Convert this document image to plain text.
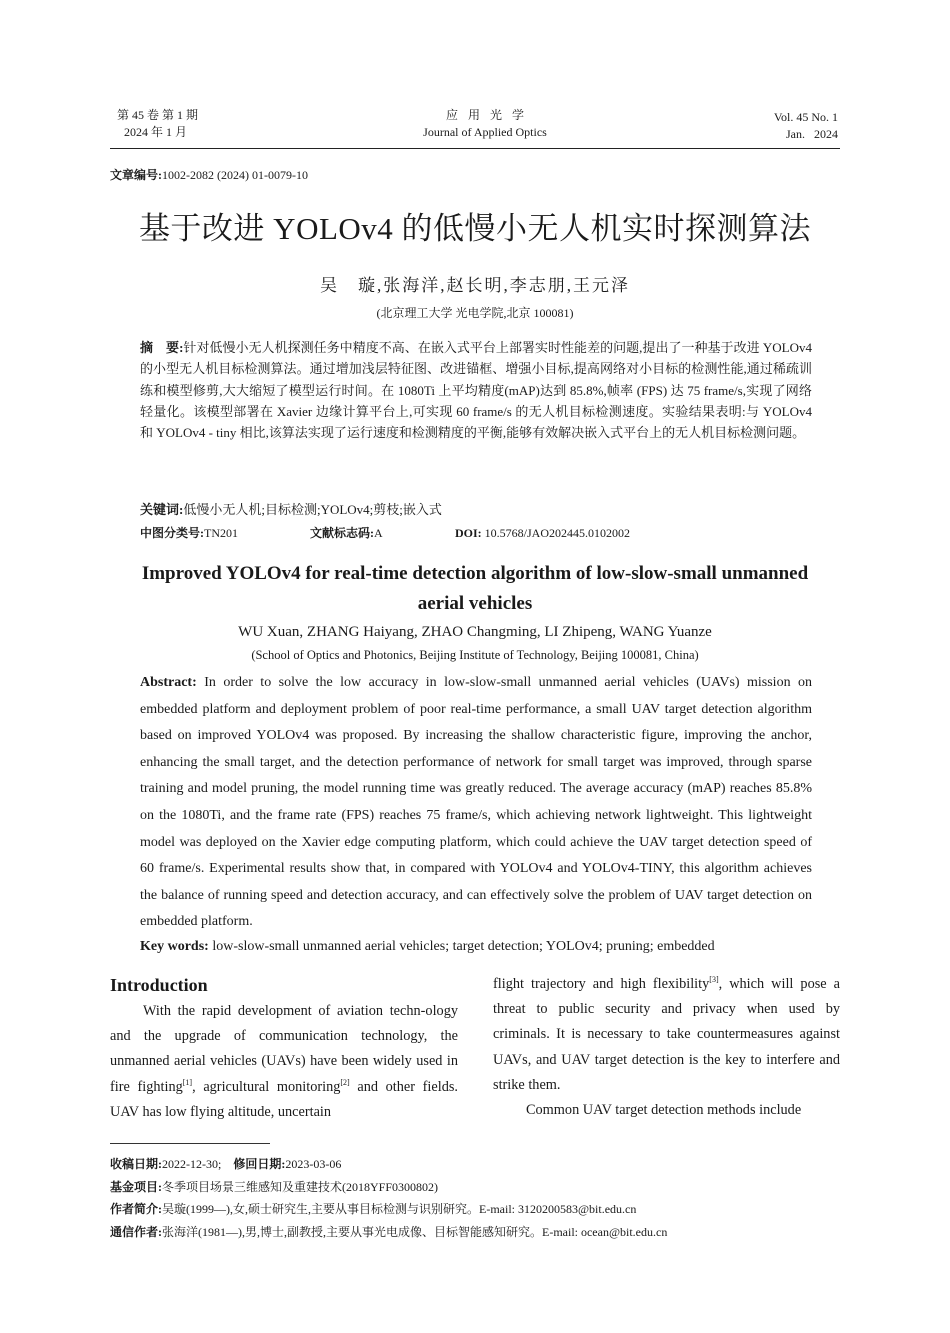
第 45 卷 第 1 期
2024 年 1 月
应用光学
Journal of Applied Optics
Vol. 45 No. 1
Jan.   2024
文章编号:1002-2082 (2024) 01-0079-10
基于改进 YOLOv4 的低慢小无人机实时探测算法
吴　璇,张海洋,赵长明,李志朋,王元泽
(北京理工大学 光电学院,北京 100081)
摘　要:针对低慢小无人机探测任务中精度不高、在嵌入式平台上部署实时性能差的问题,提出了一种基于改进 YOLOv4 的小型无人机目标检测算法。通过增加浅层特征图、改进锚框、增强小目标,提高网络对小目标的检测性能,通过稀疏训练和模型修剪,大大缩短了模型运行时间。在 1080Ti 上平均精度(mAP)达到 85.8%,帧率 (FPS) 达 75 frame/s,实现了网络轻量化。该模型部署在 Xavier 边缘计算平台上,可实现 60 frame/s 的无人机目标检测速度。实验结果表明:与 YOLOv4 和 YOLOv4 - tiny 相比,该算法实现了运行速度和检测精度的平衡,能够有效解决嵌入式平台上的无人机目标检测问题。
关键词:低慢小无人机;目标检测;YOLOv4;剪枝;嵌入式
中图分类号:TN201	文献标志码:A	DOI: 10.5768/JAO202445.0102002
Improved YOLOv4 for real-time detection algorithm of low-slow-small unmanned aerial vehicles
WU Xuan, ZHANG Haiyang, ZHAO Changming, LI Zhipeng, WANG Yuanze
(School of Optics and Photonics, Beijing Institute of Technology, Beijing 100081, China)
Abstract: In order to solve the low accuracy in low-slow-small unmanned aerial vehicles (UAVs) mission on embedded platform and deployment problem of poor real-time performance, a small UAV target detection algorithm based on improved YOLOv4 was proposed. By increasing the shallow characteristic figure, improving the anchor, enhancing the small target, and the detection performance of network for small target was improved, through sparse training and model pruning, the model running time was greatly reduced. The average accuracy (mAP) reaches 85.8% on the 1080Ti, and the frame rate (FPS) reaches 75 frame/s, which achieving network lightweight. This lightweight model was deployed on the Xavier edge computing platform, which could achieve the UAV target detection speed of 60 frame/s. Experimental results show that, in compared with YOLOv4 and YOLOv4-TINY, this algorithm achieves the balance of running speed and detection accuracy, and can effectively solve the problem of UAV target detection on embedded platform.
Key words: low-slow-small unmanned aerial vehicles; target detection; YOLOv4; pruning; embedded
Introduction
With the rapid development of aviation techn-ology and the upgrade of communication technology, the unmanned aerial vehicles (UAVs) have been widely used in fire fighting[1], agricultural monitoring[2] and other fields. UAV has low flying altitude, uncertain
flight trajectory and high flexibility[3], which will pose a threat to public security and privacy when used by criminals. It is necessary to take countermeasures against UAVs, and UAV target detection is the key to interfere and strike them.
Common UAV target detection methods include
收稿日期:2022-12-30;　 修回日期:2023-03-06
基金项目:冬季项目场景三维感知及重建技术(2018YFF0300802)
作者简介:吴璇(1999—),女,硕士研究生,主要从事目标检测与识别研究。E-mail: 3120200583@bit.edu.cn
通信作者:张海洋(1981—),男,博士,副教授,主要从事光电成像、目标智能感知研究。E-mail: ocean@bit.edu.cn
